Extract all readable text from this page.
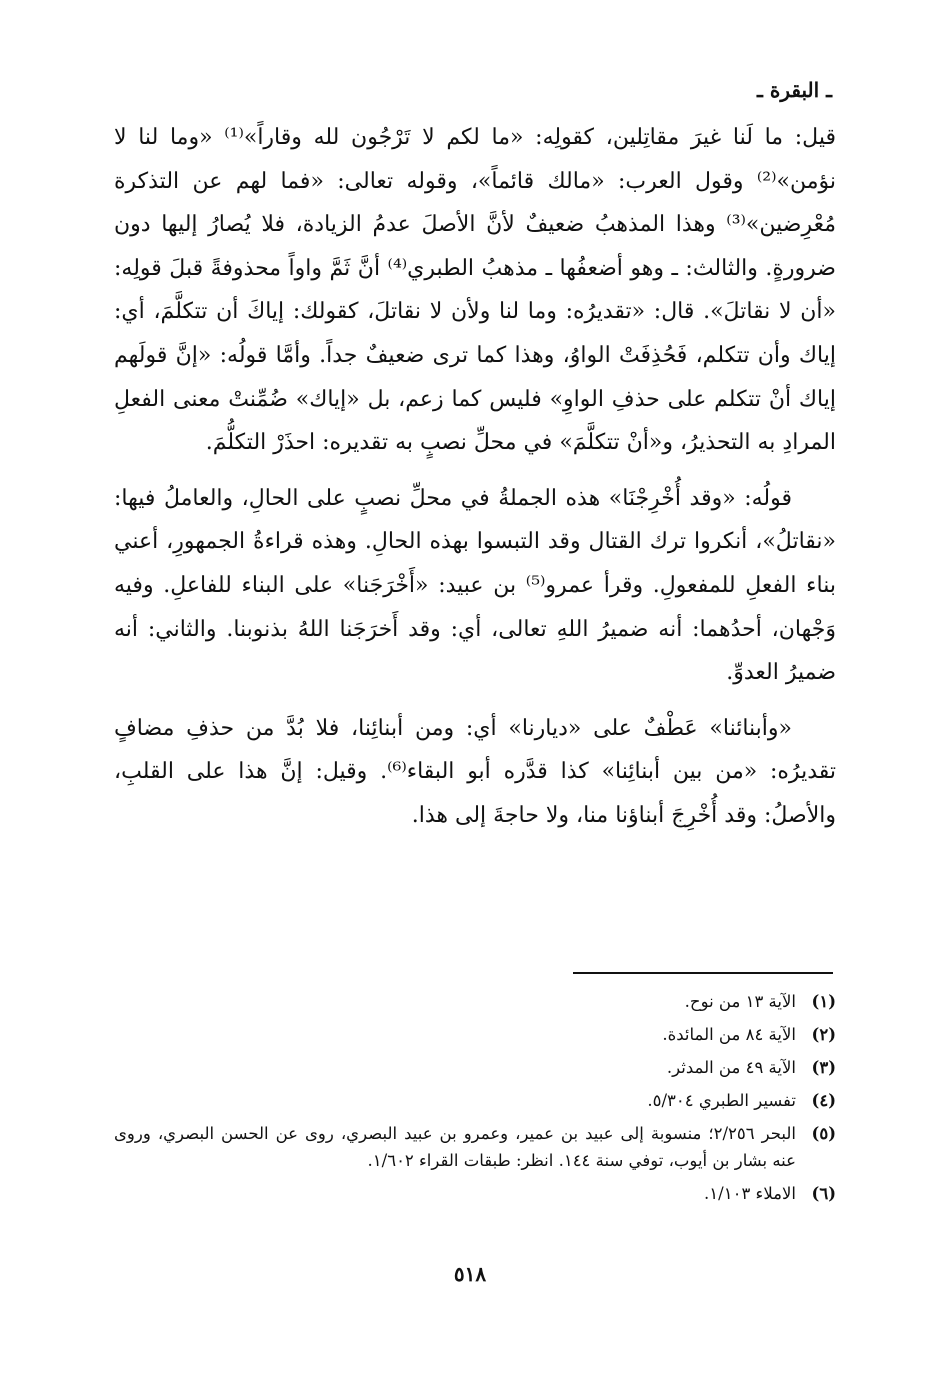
ـ البقرة ـ

قيل: ما لَنا غيرَ مقاتِلين، كقولِه: «ما لكم لا تَرْجُون لله وقاراً»⁽¹⁾ «وما لنا لا نؤمن»⁽²⁾ وقول العرب: «مالك قائماً»، وقوله تعالى: «فما لهم عن التذكرة مُعْرِضين»⁽³⁾ وهذا المذهبُ ضعيفٌ لأنَّ الأصلَ عدمُ الزيادة، فلا يُصارُ إليها دون ضرورةٍ. والثالث: ـ وهو أضعفُها ـ مذهبُ الطبري⁽⁴⁾ أنَّ ثَمَّ واواً محذوفةً قبلَ قولِه: «أن لا نقاتلَ». قال: «تقديرُه: وما لنا ولأن لا نقاتلَ، كقولك: إياكَ أن تتكلَّمَ، أي: إياك وأن تتكلم، فَحُذِفَتْ الواوُ، وهذا كما ترى ضعيفٌ جداً. وأمَّا قولُه: «إنَّ قولَهم إياك أنْ تتكلم على حذفِ الواوِ» فليس كما زعم، بل «إياك» ضُمِّنتْ معنى الفعلِ المرادِ به التحذيرُ، و«أنْ تتكلَّمَ» في محلِّ نصبٍ به تقديره: احذَرْ التكلُّمَ.

قولُه: «وقد أُخْرِجْنَا» هذه الجملةُ في محلِّ نصبٍ على الحالِ، والعاملُ فيها: «نقاتلُ»، أنكروا ترك القتال وقد التبسوا بهذه الحالِ. وهذه قراءةُ الجمهورِ، أعني بناء الفعلِ للمفعولِ. وقرأ عمرو⁽⁵⁾ بن عبيد: «أَخْرَجَنا» على البناء للفاعلِ. وفيه وَجْهان، أحدُهما: أنه ضميرُ اللهِ تعالى، أي: وقد أَخرَجَنا اللهُ بذنوبنا. والثاني: أنه ضميرُ العدوِّ.

«وأبنائنا» عَطْفٌ على «ديارنا» أي: ومن أبنائِنا، فلا بُدَّ من حذفِ مضافٍ تقديرُه: «من بين أبنائِنا» كذا قدَّره أبو البقاء⁽⁶⁾. وقيل: إنَّ هذا على القلبِ، والأصلُ: وقد أُخْرِجَ أبناؤنا منا، ولا حاجةَ إلى هذا.

(١)
الآية ١٣ من نوح.
(٢)
الآية ٨٤ من المائدة.
(٣)
الآية ٤٩ من المدثر.
(٤)
تفسير الطبري ٥/٣٠٤.
(٥)
البحر ٢/٢٥٦؛ منسوبة إلى عبيد بن عمير، وعمرو بن عبيد البصري، روى عن الحسن البصري، وروى عنه بشار بن أيوب، توفي سنة ١٤٤. انظر: طبقات القراء ١/٦٠٢.
(٦)
الاملاء ١/١٠٣.
٥١٨
